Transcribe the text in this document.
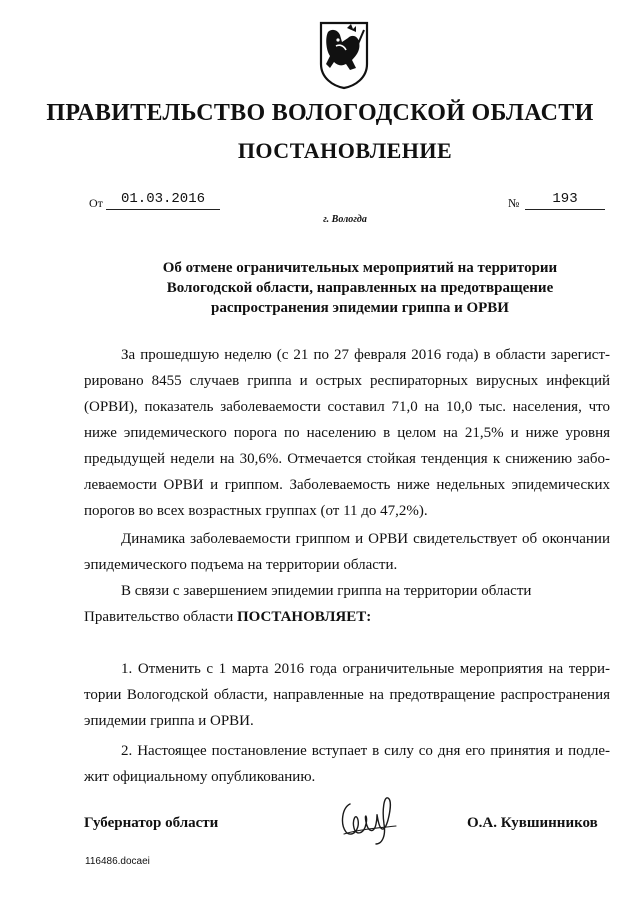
ПРАВИТЕЛЬСТВО ВОЛОГОДСКОЙ ОБЛАСТИ
ПОСТАНОВЛЕНИЕ
От	01.03.2016	№	193
г. Вологда
Об отмене ограничительных мероприятий на территории
Вологодской области, направленных на предотвращение
распространения эпидемии гриппа и ОРВИ
За прошедшую неделю (с 21 по 27 февраля 2016 года) в области зарегист-
рировано 8455 случаев гриппа и острых респираторных вирусных инфекций
(ОРВИ), показатель заболеваемости составил 71,0 на 10,0 тыс. населения, что
ниже эпидемического порога по населению в целом на 21,5% и ниже уровня
предыдущей недели на 30,6%. Отмечается стойкая тенденция к снижению забо-
леваемости ОРВИ и гриппом. Заболеваемость ниже недельных эпидемических
порогов во всех возрастных группах (от 11 до 47,2%).
Динамика заболеваемости гриппом и ОРВИ свидетельствует об окончании
эпидемического подъема на территории области.
В связи с завершением эпидемии гриппа на территории области
Правительство области ПОСТАНОВЛЯЕТ:
1. Отменить с 1 марта 2016 года ограничительные мероприятия на терри-
тории Вологодской области, направленные на предотвращение распространения
эпидемии гриппа и ОРВИ.
2. Настоящее постановление вступает в силу со дня его принятия и подле-
жит официальному опубликованию.
Губернатор области	О.А. Кувшинников
116486.docaei
